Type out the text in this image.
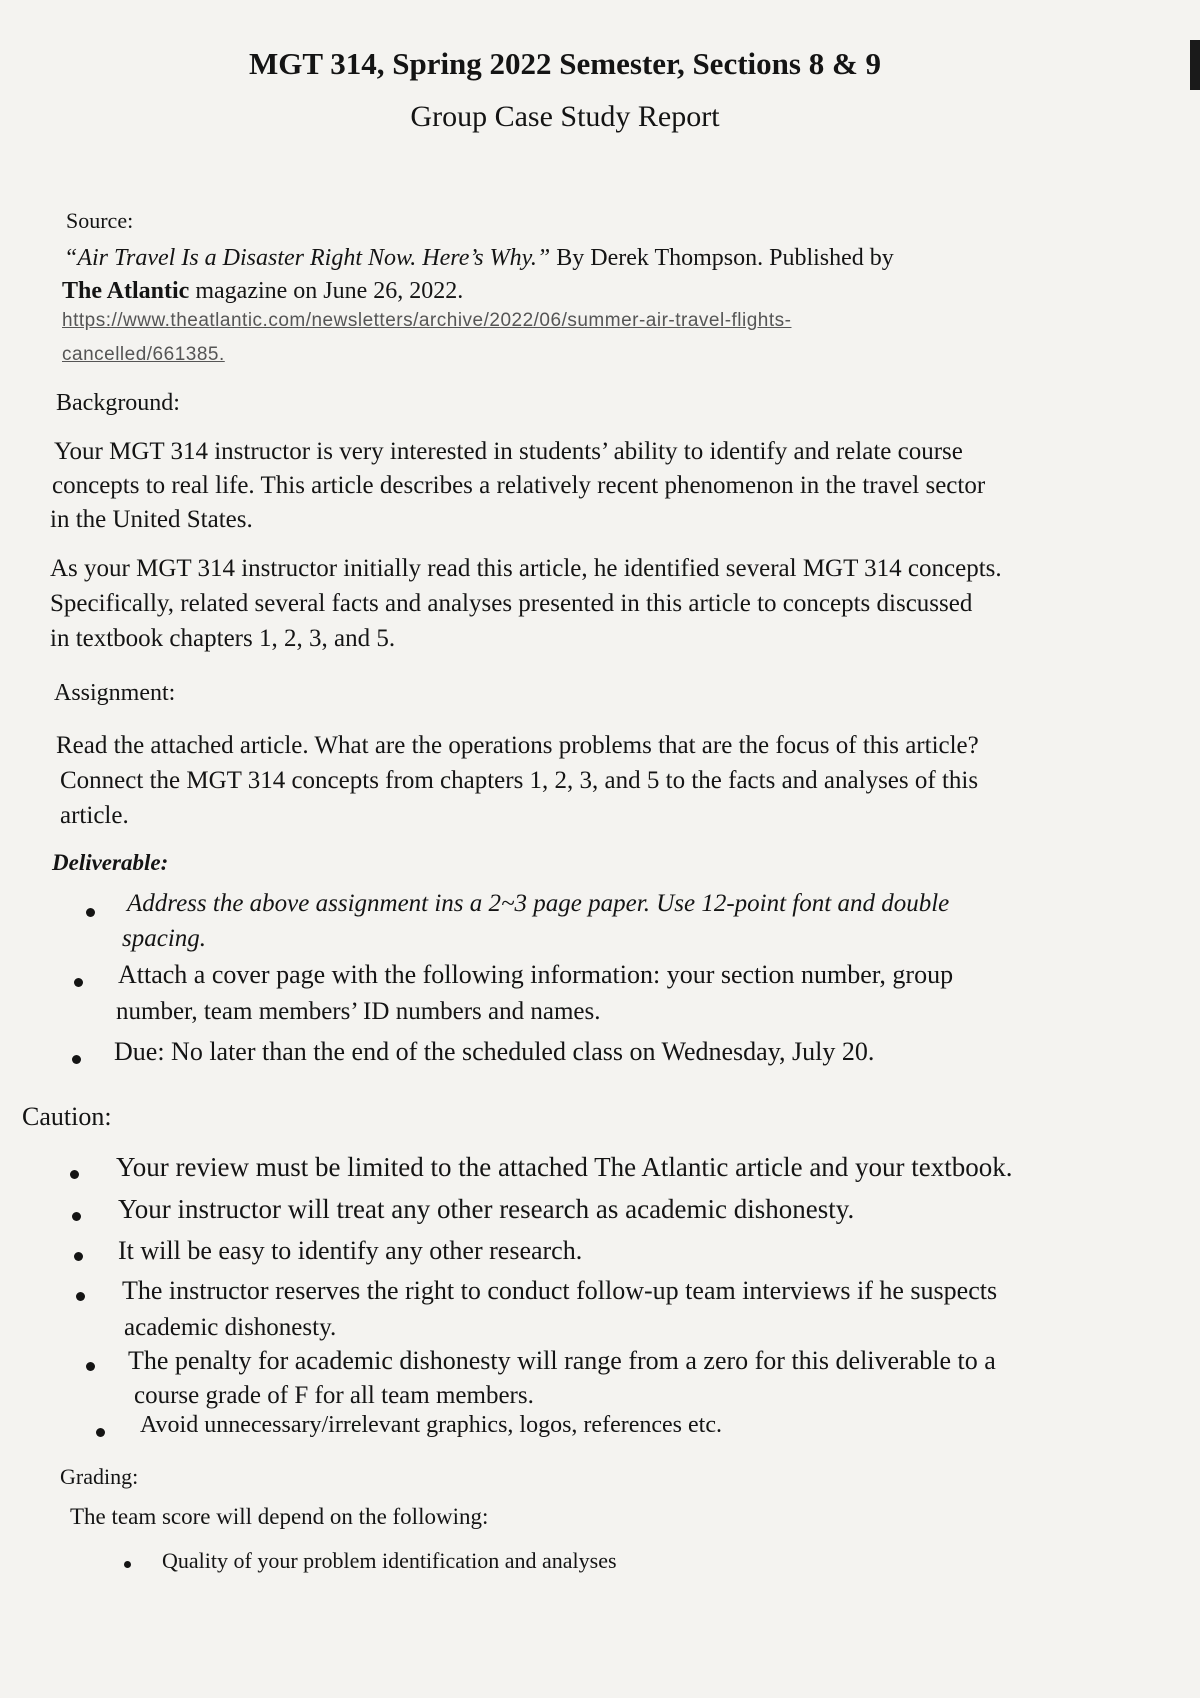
MGT 314, Spring 2022 Semester, Sections 8 & 9
Group Case Study Report
Source:
“Air Travel Is a Disaster Right Now. Here’s Why.” By Derek Thompson. Published by
The Atlantic magazine on June 26, 2022.
https://www.theatlantic.com/newsletters/archive/2022/06/summer-air-travel-flights-
cancelled/661385.
Background:
Your MGT 314 instructor is very interested in students’ ability to identify and relate course
concepts to real life. This article describes a relatively recent phenomenon in the travel sector
in the United States.
As your MGT 314 instructor initially read this article, he identified several MGT 314 concepts.
Specifically, related several facts and analyses presented in this article to concepts discussed
in textbook chapters 1, 2, 3, and 5.
Assignment:
Read the attached article. What are the operations problems that are the focus of this article?
Connect the MGT 314 concepts from chapters 1, 2, 3, and 5 to the facts and analyses of this
article.
Deliverable:
Address the above assignment ins a 2~3 page paper. Use 12-point font and double
spacing.
Attach a cover page with the following information: your section number, group
number, team members’ ID numbers and names.
Due: No later than the end of the scheduled class on Wednesday, July 20.
Caution:
Your review must be limited to the attached The Atlantic article and your textbook.
Your instructor will treat any other research as academic dishonesty.
It will be easy to identify any other research.
The instructor reserves the right to conduct follow-up team interviews if he suspects
academic dishonesty.
The penalty for academic dishonesty will range from a zero for this deliverable to a
course grade of F for all team members.
Avoid unnecessary/irrelevant graphics, logos, references etc.
Grading:
The team score will depend on the following:
Quality of your problem identification and analyses
